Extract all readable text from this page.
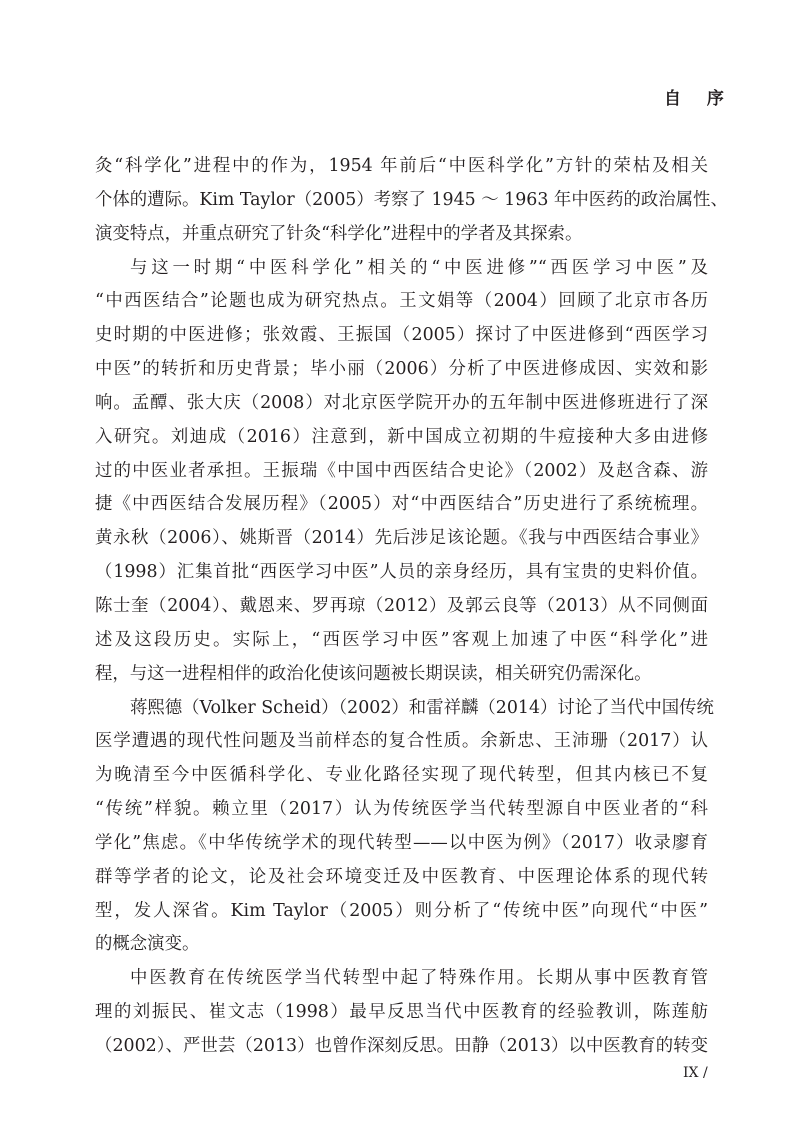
自 序
灸“科学化”进程中的作为，1954 年前后“中医科学化”方针的荣枯及相关
个体的遭际。Kim Taylor（2005）考察了 1945 ～ 1963 年中医药的政治属性、
演变特点，并重点研究了针灸“科学化”进程中的学者及其探索。
与这一时期“中医科学化”相关的“中医进修”“西医学习中医”及
“中西医结合”论题也成为研究热点。王文娟等（2004）回顾了北京市各历
史时期的中医进修；张效霞、王振国（2005）探讨了中医进修到“西医学习
中医”的转折和历史背景；毕小丽（2006）分析了中医进修成因、实效和影
响。孟醰、张大庆（2008）对北京医学院开办的五年制中医进修班进行了深
入研究。刘迪成（2016）注意到，新中国成立初期的牛痘接种大多由进修
过的中医业者承担。王振瑞《中国中西医结合史论》（2002）及赵含森、游
捷《中西医结合发展历程》（2005）对“中西医结合”历史进行了系统梳理。
黄永秋（2006）、姚斯晋（2014）先后涉足该论题。《我与中西医结合事业》
（1998）汇集首批“西医学习中医”人员的亲身经历，具有宝贵的史料价值。
陈士奎（2004）、戴恩来、罗再琼（2012）及郭云良等（2013）从不同侧面
述及这段历史。实际上，“西医学习中医”客观上加速了中医“科学化”进
程，与这一进程相伴的政治化使该问题被长期误读，相关研究仍需深化。
蒋熙德（Volker Scheid）（2002）和雷祥麟（2014）讨论了当代中国传统
医学遭遇的现代性问题及当前样态的复合性质。余新忠、王沛珊（2017）认
为晚清至今中医循科学化、专业化路径实现了现代转型，但其内核已不复
“传统”样貌。赖立里（2017）认为传统医学当代转型源自中医业者的“科
学化”焦虑。《中华传统学术的现代转型——以中医为例》（2017）收录廖育
群等学者的论文，论及社会环境变迁及中医教育、中医理论体系的现代转
型，发人深省。Kim Taylor（2005）则分析了“传统中医”向现代“中医”
的概念演变。
中医教育在传统医学当代转型中起了特殊作用。长期从事中医教育管
理的刘振民、崔文志（1998）最早反思当代中医教育的经验教训，陈莲舫
（2002）、严世芸（2013）也曾作深刻反思。田静（2013）以中医教育的转变
IX /
